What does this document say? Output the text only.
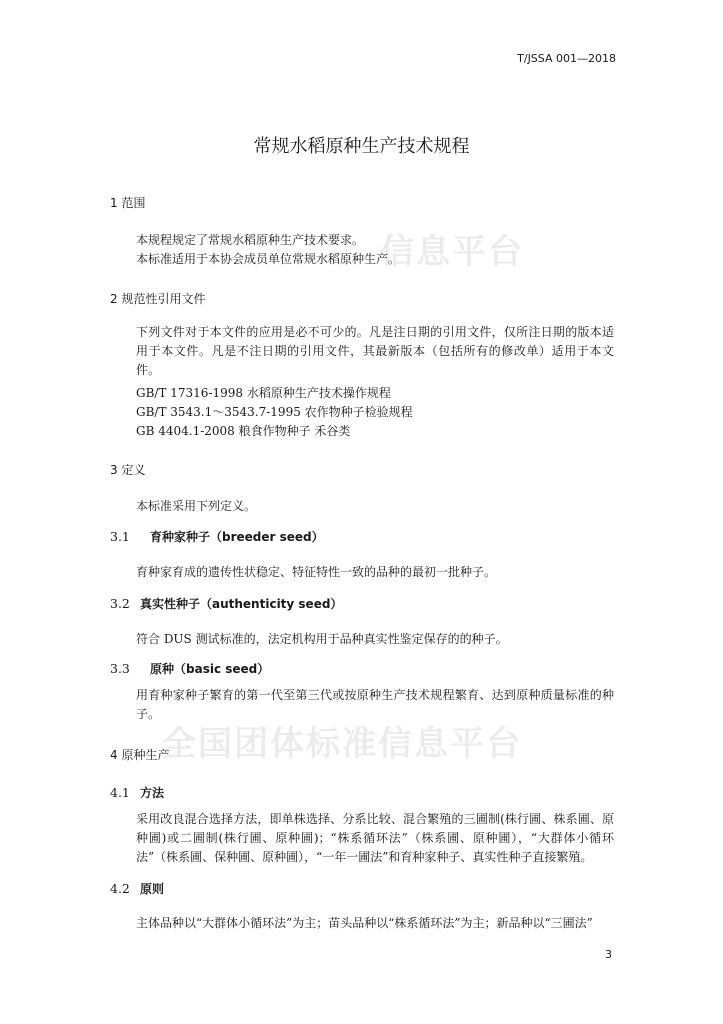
信息平台
全国团体标准信息平台
T/JSSA 001—2018
常规水稻原种生产技术规程
1 范围
本规程规定了常规水稻原种生产技术要求。
本标准适用于本协会成员单位常规水稻原种生产。
2 规范性引用文件
下列文件对于本文件的应用是必不可少的。凡是注日期的引用文件，仅所注日期的版本适用于本文件。凡是不注日期的引用文件，其最新版本（包括所有的修改单）适用于本文件。
GB/T 17316-1998 水稻原种生产技术操作规程
GB/T 3543.1～3543.7-1995 农作物种子检验规程
GB 4404.1-2008 粮食作物种子 禾谷类
3 定义
本标准采用下列定义。
3.1 育种家种子（breeder seed）
育种家育成的遗传性状稳定、特征特性一致的品种的最初一批种子。
3.2 真实性种子（authenticity seed）
符合 DUS 测试标准的，法定机构用于品种真实性鉴定保存的的种子。
3.3 原种（basic seed）
用育种家种子繁育的第一代至第三代或按原种生产技术规程繁育、达到原种质量标准的种子。
4 原种生产
4.1 方法
采用改良混合选择方法，即单株选择、分系比较、混合繁殖的三圃制(株行圃、株系圃、原种圃)或二圃制(株行圃、原种圃)；“株系循环法”（株系圃、原种圃），“大群体小循环法”（株系圃、保种圃、原种圃），“一年一圃法”和育种家种子、真实性种子直接繁殖。
4.2 原则
主体品种以“大群体小循环法”为主；苗头品种以“株系循环法”为主；新品种以“三圃法”
3
